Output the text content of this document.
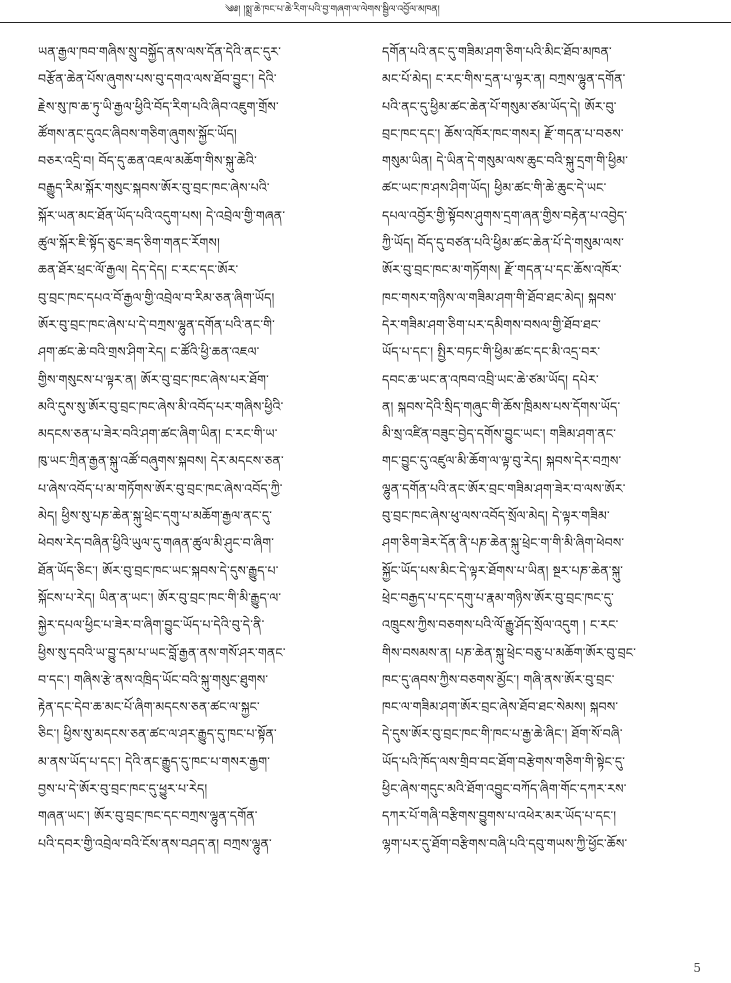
༄༅། །སྨྲ་ཆེ་ཁང་པ་ཆེ་རིག་པའི་བྱ་གཞག་ལ་ལེགས་སྦྱིལ་འབྱོལ་མཁན།
ཡན་རྒྱལ་ཁབ་གཞིས་སྲུ་བསྐྱོད་ནས་ལས་དོན་དེའི་ནང་དུར་
བརྩོན་ཆེན་པོས་ཞུགས་པས་བུ་དགའ་ལས་ཐོབ་བྱུང་། དེའི་
རྗེས་སུ་ཁ་ཆ་ཏུ་ཡི་རྒྱལ་ཕྱིའི་བོད་རིག་པའི་ཞིབ་འཇུག་གྲོས་
ཚོགས་ནང་དུའང་ཞིབས་གཅིག་ཞུགས་སྐྱོང་ཡོད།
བཅར་འདྲི་བ། བོད་དུ་ཆན་འཇལ་མཆོག་གིས་སྐུ་ཆེའི་
བརྒྱུད་རིམ་སྐོར་གསུང་སྐབས་ཨོར་བུ་བྲང་ཁང་ཞེས་པའི་
སྐོར་ཡན་མང་ཐོན་ཡོད་པའི་འདུག་པས། དེ་འབྲེལ་གྱི་གཞན་
ཚུལ་སྐོར་ཇི་སྟོད་ཅུང་ཟད་ཅིག་གནང་རོགས།
ཆན་ཐོར་ཕྲང་ལོ་རྒྱལ། དེད་དེད། ང་རང་དང་ཨོར་
བུ་བྲང་ཁང་དཔའ་བོ་རྒྱལ་གྱི་འབྲེལ་བ་རིམ་ཅན་ཞིག་ཡོད།
ཨོར་བུ་བྲང་ཁང་ཞེས་པ་དེ་བཀྲས་ལྷུན་དགོན་པའི་ནང་གི་
ཤག་ཚང་ཆེ་བའི་གྲས་ཤིག་རེད། ང་ཚོའི་ཕྱི་ཆན་འཇལ་
གྱིས་གསུངས་པ་ལྟར་ན། ཨོར་བུ་བྲང་ཁང་ཞེས་པར་ཐོག་
མའི་དུས་སུ་ཨོར་བུ་བྲང་ཁང་ཞེས་མི་འབོད་པར་གཞིས་ཕྱིའི་
མདངས་ཅན་པ་ཟེར་བའི་ཤག་ཚང་ཞིག་ཡིན། ང་རང་གི་ཡ་
ཁུ་ཡང་ཀྲིན་རྒྱན་སྐུ་འཚོ་བཞུགས་སྐབས། དེར་མདངས་ཅན་
པ་ཞེས་འབོད་པ་མ་གཏོགས་ཨོར་བུ་བྲང་ཁང་ཞེས་འབོད་ཀྱི་
མེད། ཕྱིས་སུ་པཎ་ཆེན་སྐུ་ཕྲེང་དགུ་པ་མཆོག་རྒྱལ་ནང་དུ་
ཕེབས་རེད་བཞིན་ཕྱིའི་ཡུལ་དུ་གཞན་ཚུལ་མི་ཤུང་བ་ཞིག་
ཐོན་ཡོད་ཅིང་། ཨོར་བུ་བྲང་ཁང་ཡང་སྐབས་དེ་དུས་རྒྱུད་པ་
སྐོངས་པ་རེད། ཡིན་ན་ཡང་། ཨོར་བུ་བྲང་ཁང་གི་མི་རྒྱུད་ལ་
སྐྱེར་དཔལ་ཕྱིང་པ་ཟེར་བ་ཞིག་བྱུང་ཡོད་པ་དེའི་བུ་དེ་ནི་
ཕྱིས་སུ་དབའི་ཡ་བྱུ་དམ་པ་ཡང་བློ་རྒྱན་ནས་གསོ་ཤར་གནང་
བ་དང་། གཞིས་རྩེ་ནས་འཁྲིད་ཡོང་བའི་སྐུ་གསུང་ཐུགས་
རྟེན་དང་དེབ་ཆ་མང་པོ་ཞིག་མདངས་ཅན་ཚང་ལ་སྐྱང་
ཅིང་། ཕྱིས་སུ་མདངས་ཅན་ཚང་ལ་ཤར་རྒྱུད་དུ་ཁང་པ་སྟོན་
མ་ནས་ཡོད་པ་དང་། དེའི་ནང་རྒྱུད་དུ་ཁང་པ་གསར་རྒྱག་
བྱས་པ་དེ་ཨོར་བུ་བྲང་ཁང་དུ་ཕྱུར་པ་རེད།
གཞན་ཡང་། ཨོར་བུ་བྲང་ཁང་དང་བཀྲས་ལྷུན་དགོན་
པའི་དབར་གྱི་འབྲེལ་བའི་ངོས་ནས་བཤད་ན། བཀྲས་ལྷུན་
དགོན་པའི་ནང་དུ་གཟིམ་ཤག་ཅིག་པའི་མིང་ཐོབ་མཁན་
མང་པོ་མེད། ང་རང་གིས་དྲན་པ་ལྟར་ན། བཀྲས་ལྷུན་དགོན་
པའི་ནང་དུ་ཕྱིམ་ཚང་ཆེན་པོ་གསུམ་ཙམ་ཡོད་དེ། ཨོར་བུ་
བྲང་ཁང་དང་། ཆོས་འཁོར་ཁང་གསར། རྫོ་གདན་པ་བཅས་
གསུམ་ཡིན། དེ་ཡིན་དེ་གསུམ་ལས་ཆུང་བའི་སྐུ་དྲག་གི་ཕྱིམ་
ཚང་ཡང་ཁ་ཤས་ཤིག་ཡོད། ཕྱིམ་ཚང་གི་ཆེ་ཆུང་དེ་ཡང་
དཔལ་འབྱོར་གྱི་སྟོབས་ཤུགས་དྲག་ཞན་གྱིས་བརྟེན་པ་འབྱེད་
ཀྱི་ཡོད། བོད་དུ་བཙན་པའི་ཕྱིམ་ཚང་ཆེན་པོ་དེ་གསུམ་ལས་
ཨོར་བུ་བྲང་ཁང་མ་གཏོགས། རྫོ་གདན་པ་དང་ཆོས་འཁོར་
ཁང་གསར་གཉིས་ལ་གཟིམ་ཤག་གི་ཐོབ་ཐང་མེད། སྐབས་
དེར་གཟིམ་ཤག་ཅིག་པར་དམིགས་བསལ་གྱི་ཐོབ་ཐང་
ཡོད་པ་དང་། སྤྱིར་བཏང་གི་ཕྱིམ་ཚང་དང་མི་འདྲ་བར་
དབང་ཆ་ཡང་ན་འཁབ་འབྲི་ཡང་ཆེ་ཙམ་ཡོད། དཔེར་
ན། སྐབས་དེའི་སྲིད་གཞུང་གི་ཆོས་ཁྲིམས་པས་དོགས་ཡོད་
མི་སྲ་འཛིན་བཟུང་བྱེད་དགོས་བྱུང་ཡང་། གཟིམ་ཤག་ནང་
གང་བྱུང་དུ་འཛུལ་མི་ཆོག་ལ་ལྟ་བུ་རེད། སྐབས་དེར་བཀྲས་
ལྷུན་དགོན་པའི་ནང་ཨོར་བྲང་གཟིམ་ཤག་ཟེར་བ་ལས་ཨོར་
བུ་བྲང་ཁང་ཞེས་ཕུ་ལས་འབོད་སྲོལ་མེད། དེ་ལྟར་གཟིམ་
ཤག་ཅིག་ཟེར་དོན་ནི་པཎ་ཆེན་སྐུ་ཕྲེང་ག་གི་མི་ཞིག་ཕེབས་
སྐྱོང་ཡོད་པས་མིང་དེ་ལྟར་ཐོགས་པ་ཡིན། སྔར་པཎ་ཆེན་སྐུ་
ཕྲེང་བརྒྱད་པ་དང་དགུ་པ་རྣམ་གཉིས་ཨོར་བུ་བྲང་ཁང་དུ་
འཁྲུངས་ཀྱིས་བཅགས་པའི་ལོ་རྒྱུ་ཤོད་སྲོལ་འདུག ། ང་རང་
གིས་བསམས་ན། པཎ་ཆེན་སྐུ་ཕྲེང་བཅུ་པ་མཆོག་ཨོར་བུ་བྲང་
ཁང་དུ་ཞབས་ཀྱིས་བཅགས་མྱོང་། གཞི་ནས་ཨོར་བུ་བྲང་
ཁང་ལ་གཟིམ་ཤག་ཨོར་བྲང་ཞེས་ཐོབ་ཐང་སེམས། སྐབས་
དེ་དུས་ཨོར་བུ་བྲང་ཁང་གི་ཁང་པ་རྒྱ་ཆེ་ཞིང་། ཐོག་སོ་བཞི་
ཡོད་པའི་ཁོད་ལས་གྲིབ་བང་ཐོག་བརྩེགས་གཅིག་གི་སྟེང་དུ་
ཕྱིང་ཞེས་གདུང་མའི་ཐོག་འབྱུང་བཀོད་ཞིག་གོང་དཀར་རས་
དཀར་པོ་གཞི་བརྩིགས་བྱུགས་པ་འཕེར་མར་ཡོད་པ་དང་།
ལྷག་པར་དུ་ཐོག་བརྩིགས་བཞི་པའི་དབུ་གཡས་ཀྱི་ཕྱོང་ཆོས་
5
